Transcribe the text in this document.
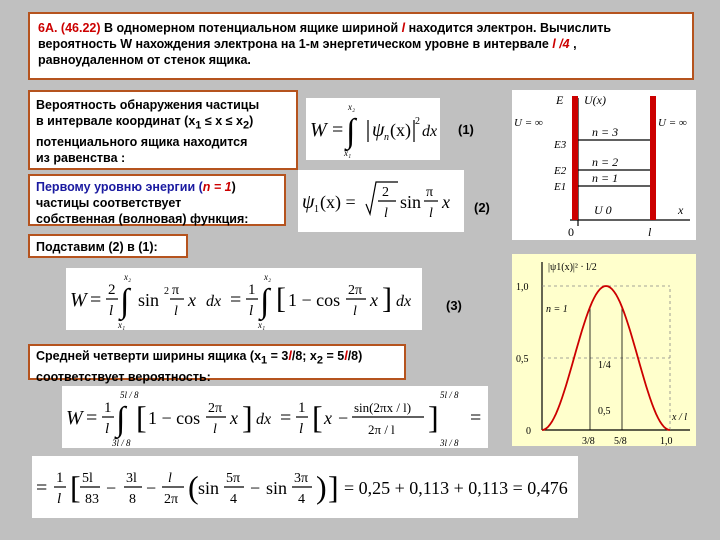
6А. (46.22) В одномерном потенциальном ящике шириной l находится электрон. Вычислить вероятность W нахождения электрона на 1-м энергетическом уровне в интервале l /4 , равноудаленном от стенок ящика.
Вероятность обнаружения частицы
в интервале координат (x1 ≤ x ≤ x2)
потенциального ящика находится
из равенства :
W = ∫
x₂
x₁
ψ n (x) 2
dx (1)
Первому уровню энергии (n = 1)
частицы соответствует
собственная (волновая) функция:
ψ 1 (x) = 2
l
sin π
l
x (2)
Подставим (2) в (1):
W = 2
l ∫
x₂
x₁
sin 2 π
l
x dx = 1
l ∫
x₂
x₁
[ 1 − cos 2π
l
x ] dx	(3)
Средней четверти ширины ящика (x1 = 3l/8; x2 = 5l/8)
соответствует вероятность:
W = 1
l ∫
5l / 8
3l / 8
[ 1 − cos 2π
l
x ] dx = 1
l [ x −
sin(2πx / l)
2π / l ]
5l / 8
3l / 8
=
= 1
l [ 5l
83
− 3l
8
− l
2π ( sin 5π
4
− sin 3π
4 ) ] = 0,25 + 0,113 + 0,113 = 0,476
E U(x)
U = ∞	U = ∞
n = 3
n = 2
n = 1
E3
E2
E1
U 0	x
0	l
|ψ1(x)|² · l/2
1,0
0,5
0
3/8 5/8	1,0
x / l
n = 1
1/4
0,5
